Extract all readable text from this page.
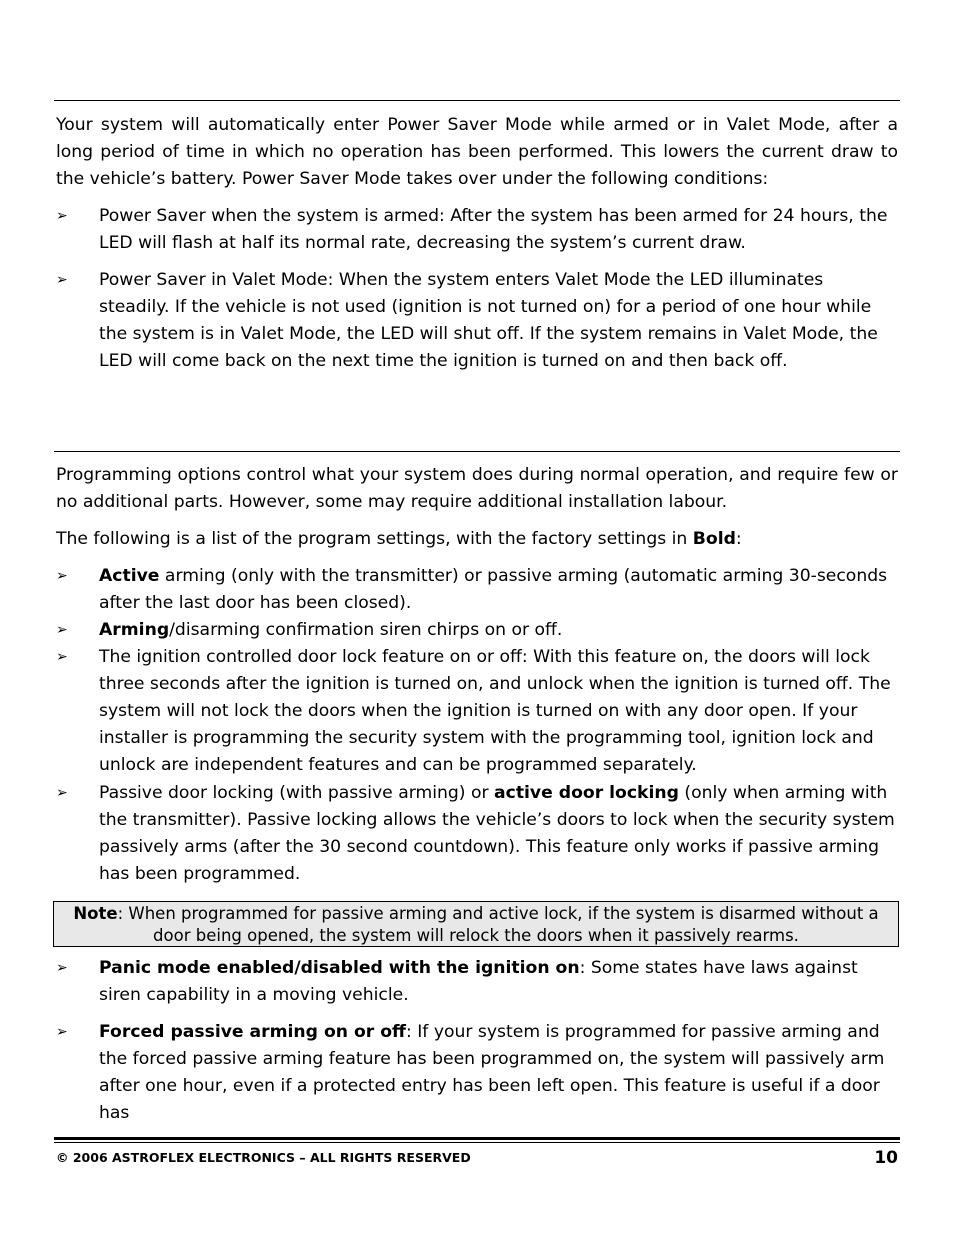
Your system will automatically enter Power Saver Mode while armed or in Valet Mode, after a long period of time in which no operation has been performed. This lowers the current draw to the vehicle’s battery. Power Saver Mode takes over under the following conditions:

➢ Power Saver when the system is armed: After the system has been armed for 24 hours, the LED will flash at half its normal rate, decreasing the system’s current draw.
➢ Power Saver in Valet Mode: When the system enters Valet Mode the LED illuminates steadily. If the vehicle is not used (ignition is not turned on) for a period of one hour while the system is in Valet Mode, the LED will shut off. If the system remains in Valet Mode, the LED will come back on the next time the ignition is turned on and then back off.

Programming options control what your system does during normal operation, and require few or no additional parts. However, some may require additional installation labour.

The following is a list of the program settings, with the factory settings in Bold:
➢ Active arming (only with the transmitter) or passive arming (automatic arming 30-seconds after the last door has been closed).
➢ Arming/disarming confirmation siren chirps on or off.
➢ The ignition controlled door lock feature on or off: With this feature on, the doors will lock three seconds after the ignition is turned on, and unlock when the ignition is turned off. The system will not lock the doors when the ignition is turned on with any door open. If your installer is programming the security system with the programming tool, ignition lock and unlock are independent features and can be programmed separately.
➢ Passive door locking (with passive arming) or active door locking (only when arming with the transmitter). Passive locking allows the vehicle’s doors to lock when the security system passively arms (after the 30 second countdown). This feature only works if passive arming has been programmed.
Note: When programmed for passive arming and active lock, if the system is disarmed without a door being opened, the system will relock the doors when it passively rearms.
➢ Panic mode enabled/disabled with the ignition on: Some states have laws against siren capability in a moving vehicle.
➢ Forced passive arming on or off: If your system is programmed for passive arming and the forced passive arming feature has been programmed on, the system will passively arm after one hour, even if a protected entry has been left open. This feature is useful if a door has
© 2006 ASTROFLEX ELECTRONICS – ALL RIGHTS RESERVED	10
